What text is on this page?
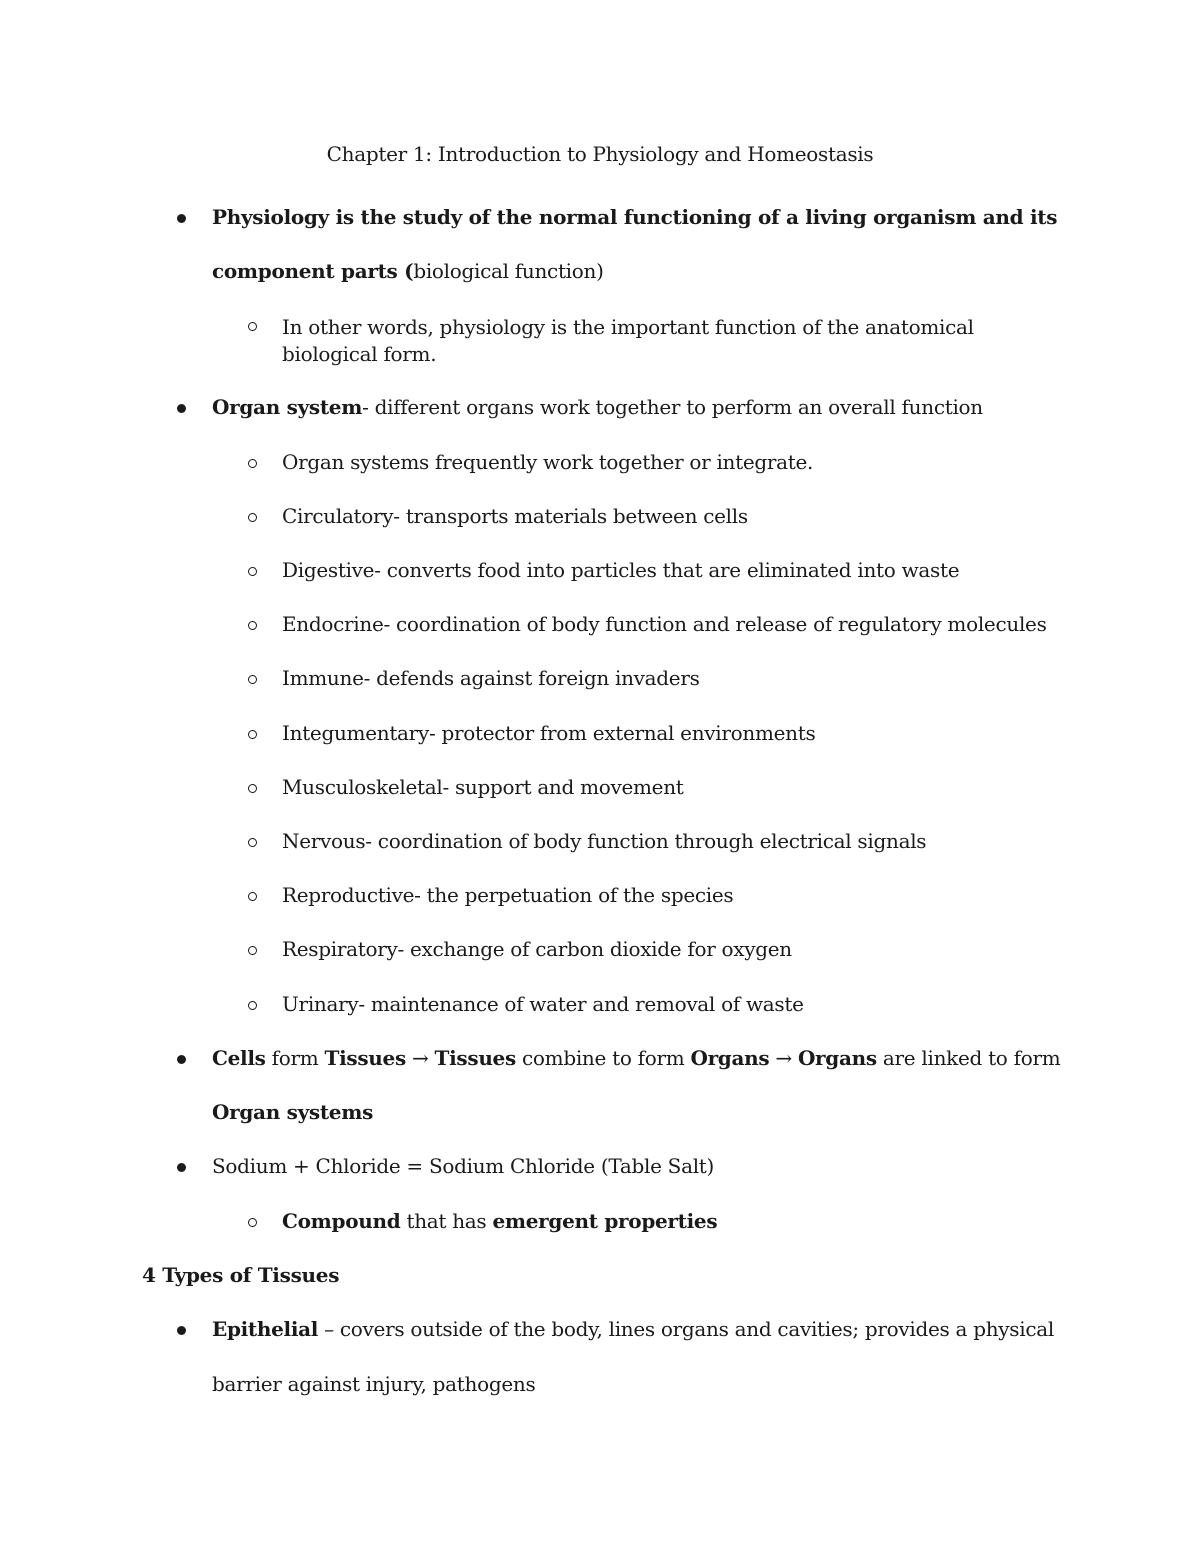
Chapter 1: Introduction to Physiology and Homeostasis
Physiology is the study of the normal functioning of a living organism and its
component parts (biological function)
In other words, physiology is the important function of the anatomical biological form.
Organ system- different organs work together to perform an overall function
Organ systems frequently work together or integrate.
Circulatory- transports materials between cells
Digestive- converts food into particles that are eliminated into waste
Endocrine- coordination of body function and release of regulatory molecules
Immune- defends against foreign invaders
Integumentary- protector from external environments
Musculoskeletal- support and movement
Nervous- coordination of body function through electrical signals
Reproductive- the perpetuation of the species
Respiratory- exchange of carbon dioxide for oxygen
Urinary- maintenance of water and removal of waste
Cells form Tissues → Tissues combine to form Organs → Organs are linked to form
Organ systems
Sodium + Chloride = Sodium Chloride (Table Salt)
Compound that has emergent properties
4 Types of Tissues
Epithelial – covers outside of the body, lines organs and cavities; provides a physical
barrier against injury, pathogens
